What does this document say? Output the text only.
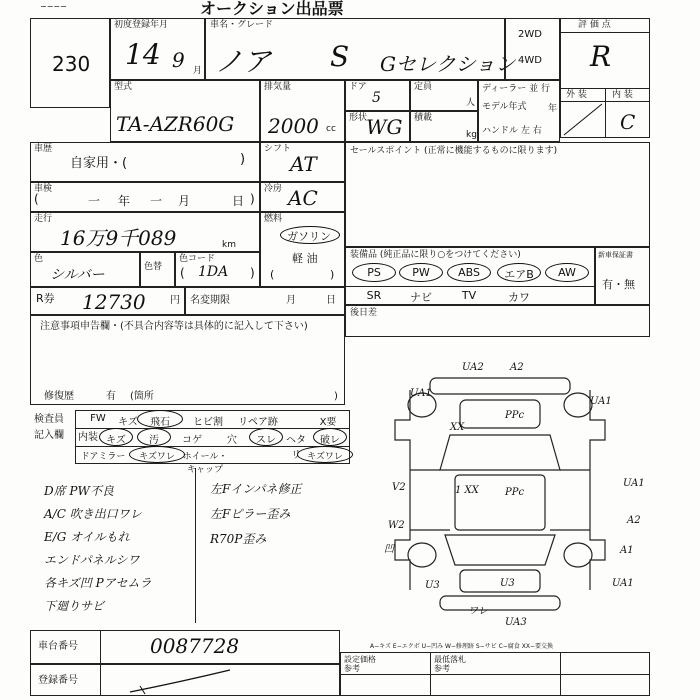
−−−−	オークション出品票
230
初度登録年月
14 9 月
車名・グレード
ノア S Gセレクション
2WD
4WD
評 価 点
R
外 装	内 装
C
型式
TA-AZR60G
排気量
2000 cc
ドア
5
定員
人
形状
WG 積載
kg
ディーラー 並 行
モデル年式 年
ハンドル 左 右
車歴
自家用・(	)
シフト
AT
車検
(	一 年 一 月	日 )
冷房 AC
走行
16万9千089	km
燃料
ガソリン
軽 油
(	)
色
シルバー	色替
色コード
1DA
(	)
R券 12730 円 名変期限	月	日
セールスポイント (正常に機能するものに限ります)
装備品 (純正品に限り○をつけてください)
PS	PW	ABS	エアB	AW
SR	ナビ	TV	カワ
新車保証書
有・無
後日差
注意事項申告欄・(不具合内容等は具体的に記入して下さい)
修復歴	有 (箇所	)
検査員
記入欄
FW	キズ	飛石	ヒビ割	リペア跡	X要
内装 キズ	汚	コゲ	穴	スレ	ヘタリ
破レ
ドアミラー	キズワレ ホイール・キャップ
キズワレ
D席 PW不良
A/C 吹き出口ワレ
E/G オイルもれ
エンドパネルシワ
各キズ凹 Pアセムラ
下廻りサビ
左Fインパネ修正
左Fピラー歪み
R70P歪み
UA2	A2
UA1
UA1
XX
PPc
V2	1 XX	PPc
UA1
A2
W2
凹	A1
U3	U3	UA1
ワレ
UA3
車台番号	0087728
登録番号
A−キズ E−エクボ U−凹み W−修理跡 S−サビ C−腐食 XX−要交換
設定価格
参考
最低落札
参考
